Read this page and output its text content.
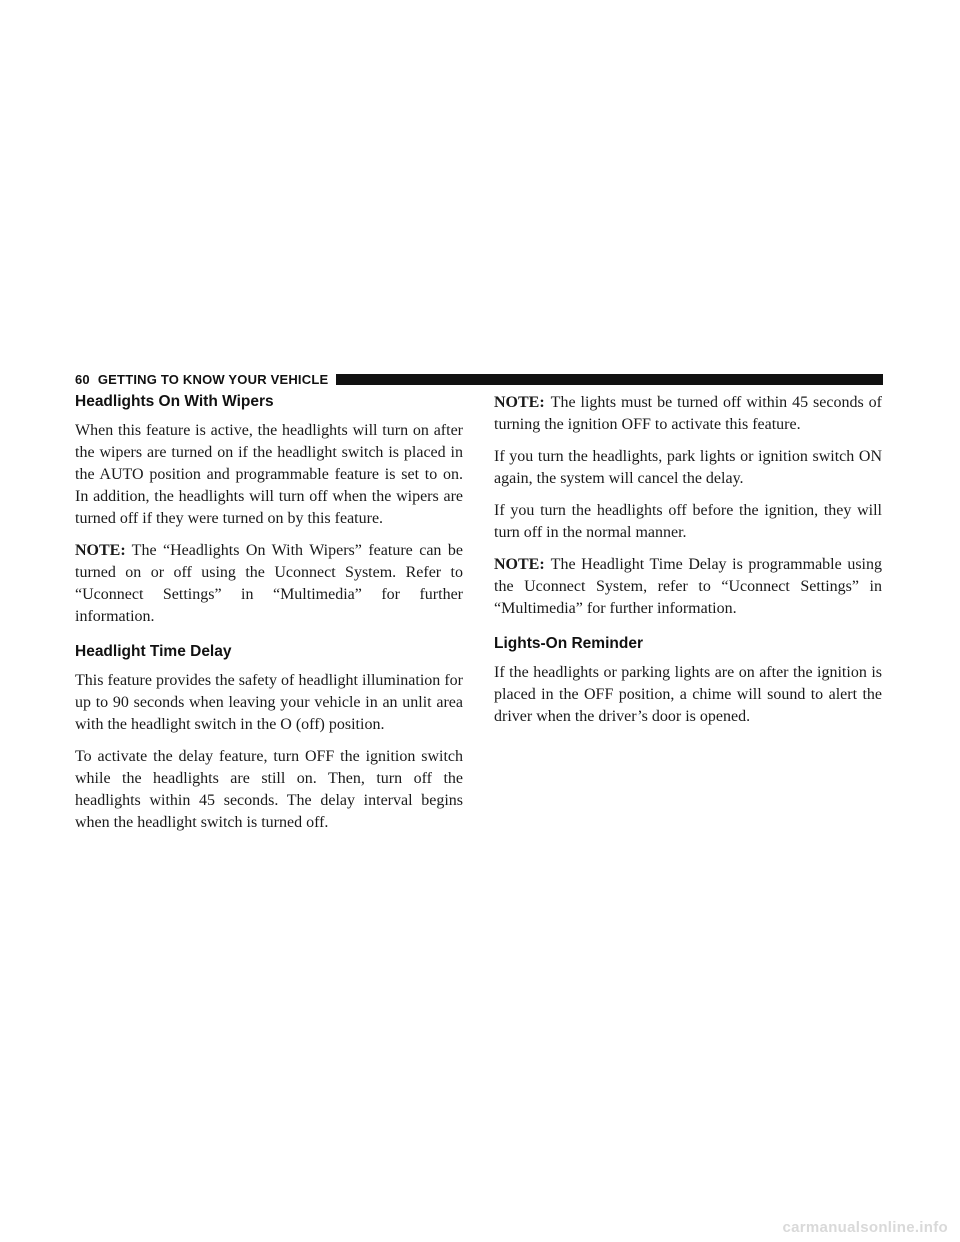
60 GETTING TO KNOW YOUR VEHICLE
Headlights On With Wipers

When this feature is active, the headlights will turn on after the wipers are turned on if the headlight switch is placed in the AUTO position and programmable feature is set to on. In addition, the headlights will turn off when the wipers are turned off if they were turned on by this feature.

NOTE: The “Headlights On With Wipers” feature can be turned on or off using the Uconnect System. Refer to “Uconnect Settings” in “Multimedia” for further information.

Headlight Time Delay

This feature provides the safety of headlight illumination for up to 90 seconds when leaving your vehicle in an unlit area with the headlight switch in the O (off) position.

To activate the delay feature, turn OFF the ignition switch while the headlights are still on. Then, turn off the headlights within 45 seconds. The delay interval begins when the headlight switch is turned off.

NOTE: The lights must be turned off within 45 seconds of turning the ignition OFF to activate this feature.

If you turn the headlights, park lights or ignition switch ON again, the system will cancel the delay.

If you turn the headlights off before the ignition, they will turn off in the normal manner.

NOTE: The Headlight Time Delay is programmable using the Uconnect System, refer to “Uconnect Settings” in “Multimedia” for further information.

Lights-On Reminder

If the headlights or parking lights are on after the ignition is placed in the OFF position, a chime will sound to alert the driver when the driver’s door is opened.

carmanualsonline.info
